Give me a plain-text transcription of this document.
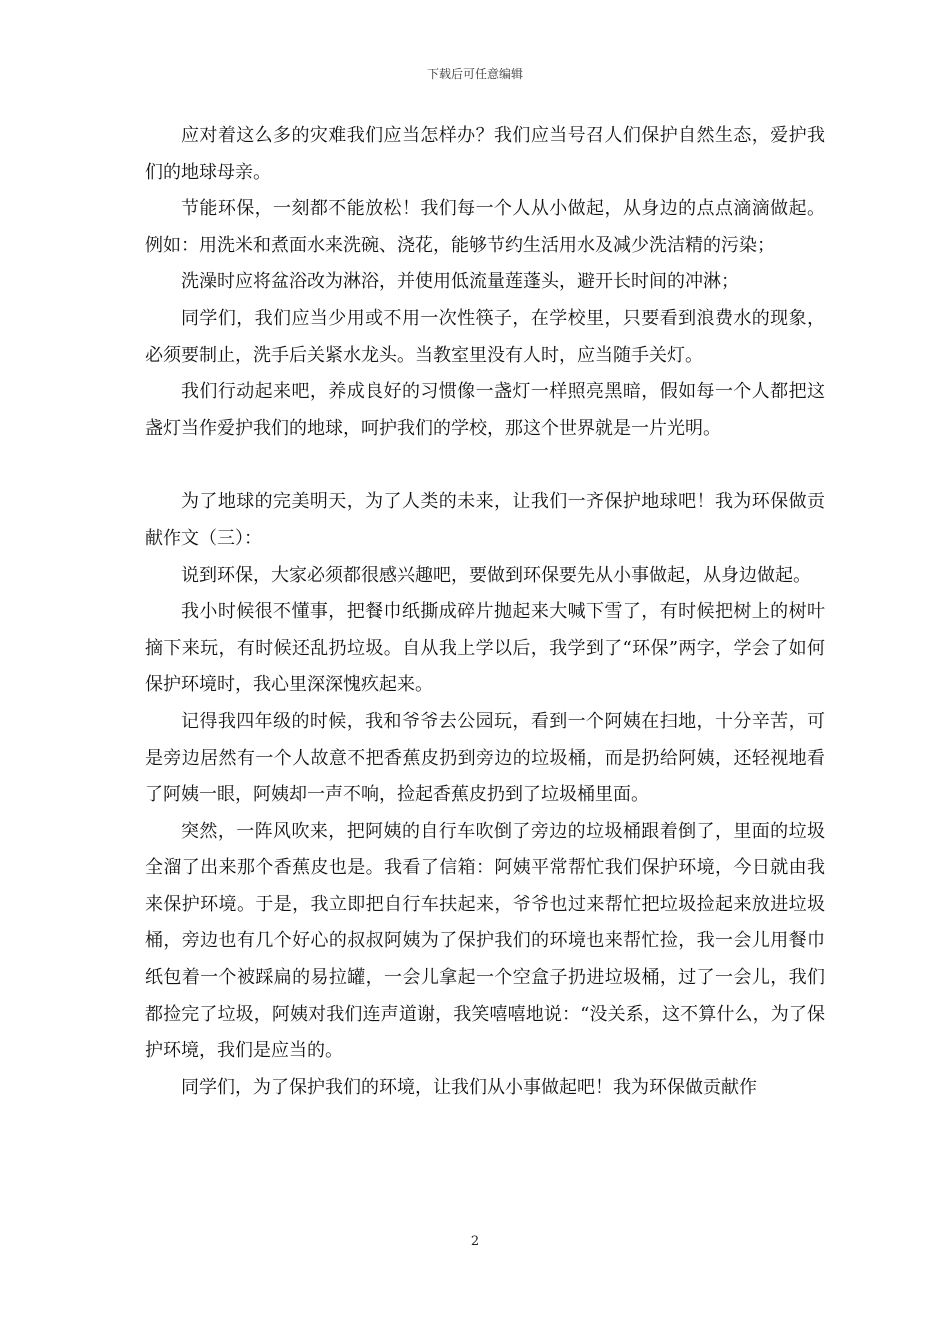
下载后可任意编辑

应对着这么多的灾难我们应当怎样办？我们应当号召人们保护自然生态，爱护我们的地球母亲。

节能环保，一刻都不能放松！我们每一个人从小做起，从身边的点点滴滴做起。例如：用洗米和煮面水来洗碗、浇花，能够节约生活用水及减少洗洁精的污染；

洗澡时应将盆浴改为淋浴，并使用低流量莲蓬头，避开长时间的冲淋；

同学们，我们应当少用或不用一次性筷子，在学校里，只要看到浪费水的现象，必须要制止，洗手后关紧水龙头。当教室里没有人时，应当随手关灯。

我们行动起来吧，养成良好的习惯像一盏灯一样照亮黑暗，假如每一个人都把这盏灯当作爱护我们的地球，呵护我们的学校，那这个世界就是一片光明。

为了地球的完美明天，为了人类的未来，让我们一齐保护地球吧！我为环保做贡献作文（三）：

说到环保，大家必须都很感兴趣吧，要做到环保要先从小事做起，从身边做起。

我小时候很不懂事，把餐巾纸撕成碎片抛起来大喊下雪了，有时候把树上的树叶摘下来玩，有时候还乱扔垃圾。自从我上学以后，我学到了“环保”两字，学会了如何保护环境时，我心里深深愧疚起来。

记得我四年级的时候，我和爷爷去公园玩，看到一个阿姨在扫地，十分辛苦，可是旁边居然有一个人故意不把香蕉皮扔到旁边的垃圾桶，而是扔给阿姨，还轻视地看了阿姨一眼，阿姨却一声不响，捡起香蕉皮扔到了垃圾桶里面。

突然，一阵风吹来，把阿姨的自行车吹倒了旁边的垃圾桶跟着倒了，里面的垃圾全溜了出来那个香蕉皮也是。我看了信箱：阿姨平常帮忙我们保护环境，今日就由我来保护环境。于是，我立即把自行车扶起来，爷爷也过来帮忙把垃圾捡起来放进垃圾桶，旁边也有几个好心的叔叔阿姨为了保护我们的环境也来帮忙捡，我一会儿用餐巾纸包着一个被踩扁的易拉罐，一会儿拿起一个空盒子扔进垃圾桶，过了一会儿，我们都捡完了垃圾，阿姨对我们连声道谢，我笑嘻嘻地说：“没关系，这不算什么，为了保护环境，我们是应当的。

同学们，为了保护我们的环境，让我们从小事做起吧！我为环保做贡献作

2
